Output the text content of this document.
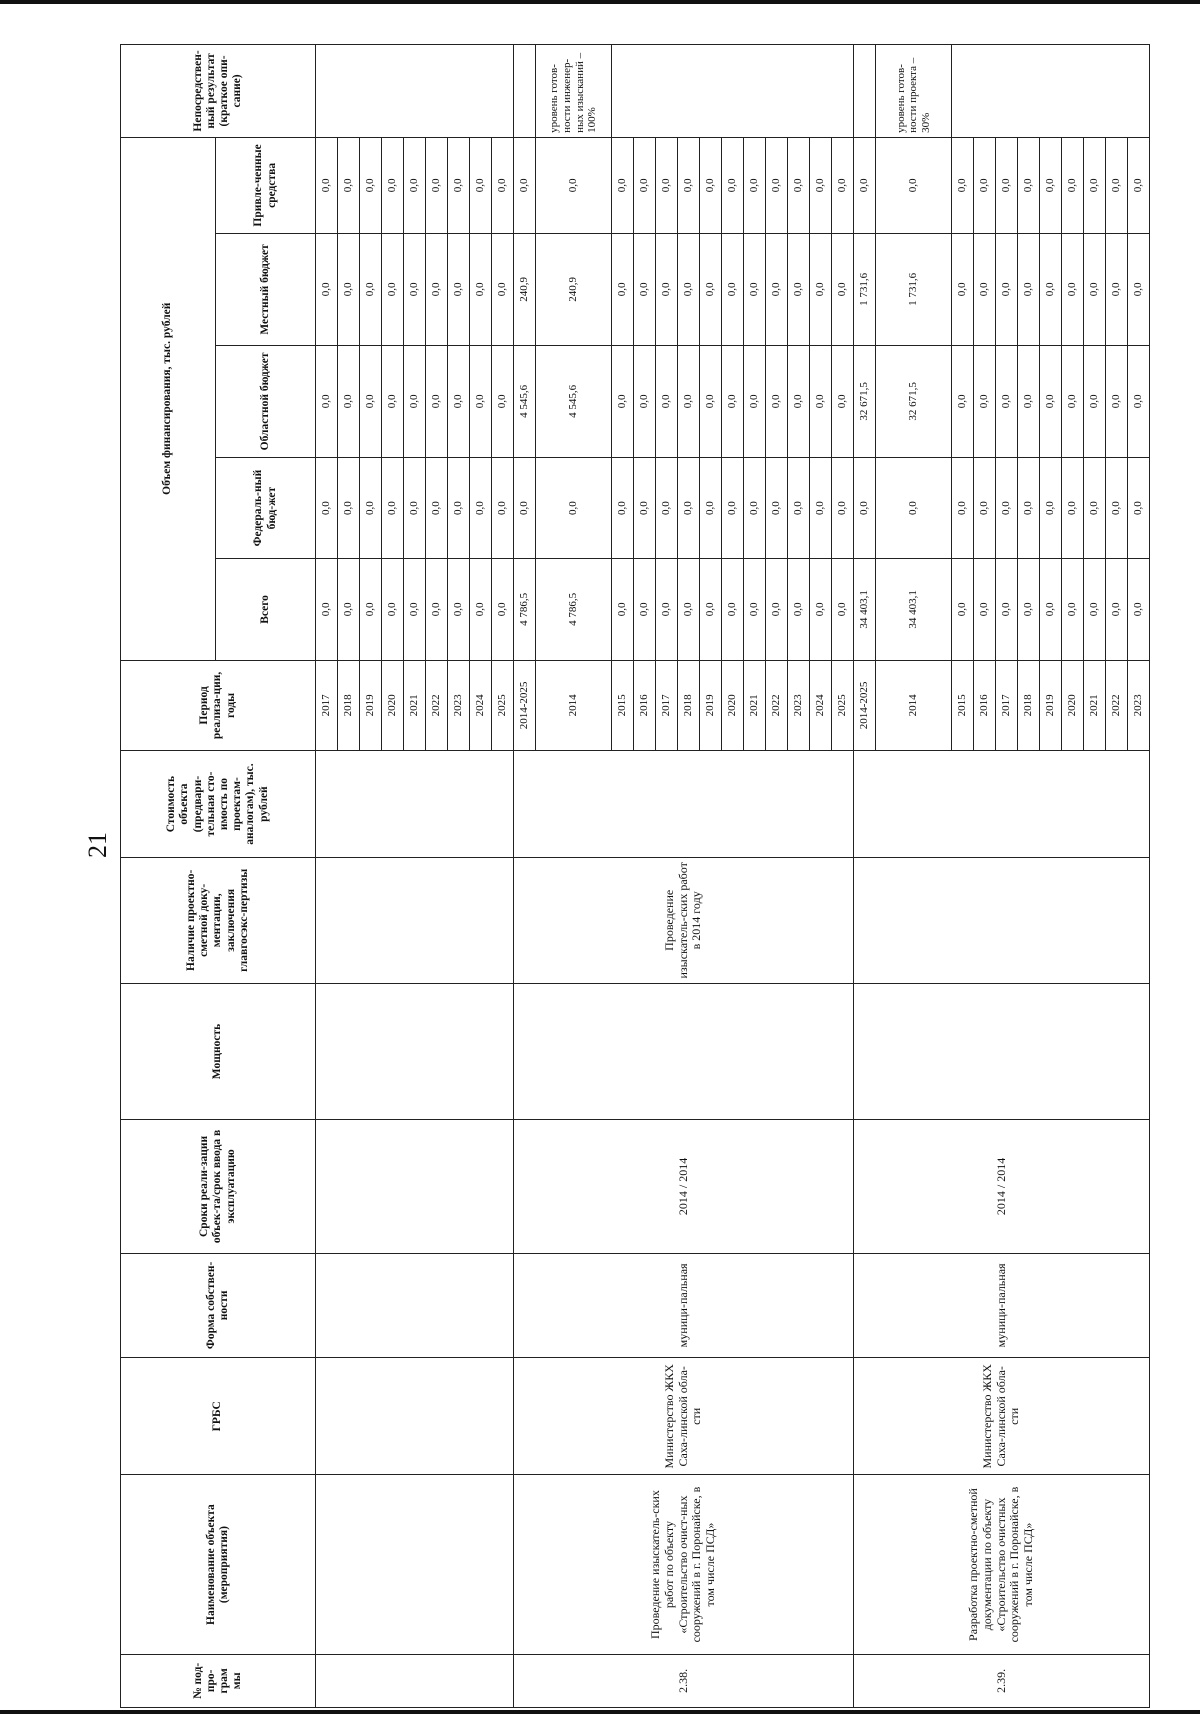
21
№ под-про-грам мы	Наименование объекта (мероприятия)	ГРБС	Форма собствен-ности	Сроки реали-зации объек-та/срок ввода в эксплуатацию	Мощность	Наличие проектно-сметной доку-ментации, заключения главгосэкс-пертизы	Стоимость объекта (предвари-тельная сто-имость по проектам-аналогам), тыс. рублей	Период реализа-ции, годы	Объем финансирования, тыс. рублей					Непосредствен-ный результат (краткое опи-сание)
									Всего	Федераль-ный бюд-жет	Областной бюджет	Местный бюджет	Привле-ченные средства	
								2017	0,0	0,0	0,0	0,0	0,0	
								2018	0,0	0,0	0,0	0,0	0,0	
								2019	0,0	0,0	0,0	0,0	0,0	
								2020	0,0	0,0	0,0	0,0	0,0	
								2021	0,0	0,0	0,0	0,0	0,0	
								2022	0,0	0,0	0,0	0,0	0,0	
								2023	0,0	0,0	0,0	0,0	0,0	
								2024	0,0	0,0	0,0	0,0	0,0	
								2025	0,0	0,0	0,0	0,0	0,0	
2.38.	Проведение изыскатель-ских работ по объекту «Строительство очист-ных сооружений в г. Поронайске, в том числе ПСД»	Министерство ЖКХ Саха-линской обла-сти	муници-пальная	2014 / 2014		Проведение изыскатель-ских работ в 2014 году		2014-2025	4 786,5	0,0	4 545,6	240,9	0,0	
								2014	4 786,5	0,0	4 545,6	240,9	0,0	уровень готов-ности инженер-ных изысканий – 100%
								2015	0,0	0,0	0,0	0,0	0,0	
								2016	0,0	0,0	0,0	0,0	0,0	
								2017	0,0	0,0	0,0	0,0	0,0	
								2018	0,0	0,0	0,0	0,0	0,0	
								2019	0,0	0,0	0,0	0,0	0,0	
								2020	0,0	0,0	0,0	0,0	0,0	
								2021	0,0	0,0	0,0	0,0	0,0	
								2022	0,0	0,0	0,0	0,0	0,0	
								2023	0,0	0,0	0,0	0,0	0,0	
								2024	0,0	0,0	0,0	0,0	0,0	
								2025	0,0	0,0	0,0	0,0	0,0	
2.39.	Разработка проектно-сметной документации по объекту «Строительство очистных сооружений в г. Поронайске, в том числе ПСД»	Министерство ЖКХ Саха-линской обла-сти	муници-пальная	2014 / 2014				2014-2025	34 403,1	0,0	32 671,5	1 731,6	0,0	
								2014	34 403,1	0,0	32 671,5	1 731,6	0,0	уровень готов-ности проекта – 30%
								2015	0,0	0,0	0,0	0,0	0,0	
								2016	0,0	0,0	0,0	0,0	0,0	
								2017	0,0	0,0	0,0	0,0	0,0	
								2018	0,0	0,0	0,0	0,0	0,0	
								2019	0,0	0,0	0,0	0,0	0,0	
								2020	0,0	0,0	0,0	0,0	0,0	
								2021	0,0	0,0	0,0	0,0	0,0	
								2022	0,0	0,0	0,0	0,0	0,0	
								2023	0,0	0,0	0,0	0,0	0,0	
